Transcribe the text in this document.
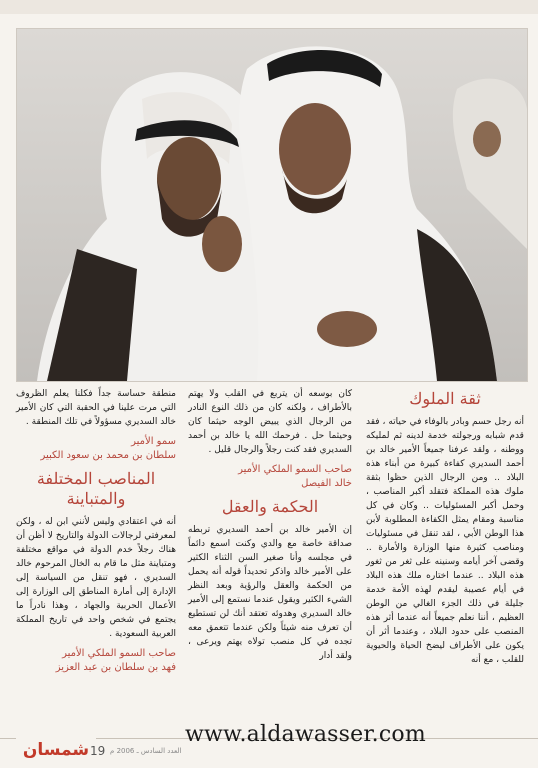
ثقة الملوك

أنه رجل حسم وبادر بالوفاء في حياته ، فقد قدم شبابه ورجولته خدمة لدينه ثم لمليكه ووطنه ، ولقد عرفنا جميعاً الأمير خالد بن أحمد السديري كفاءة كبيرة من أبناء هذه البلاد .. ومن الرجال الذين حظوا بثقة ملوك هذه المملكة فتقلد أكبر المناصب ، وحمل أكبر المسئوليات .. وكان في كل مناسبة ومقام يمثل الكفاءة المطلوبة لأبن هذا الوطن الأبي ، لقد تنقل في مسئوليات ومناصب كثيرة منها الوزارة والأمارة .. وقضى آخر أيامه وسنينه على ثغر من ثغور هذه البلاد .. عندما اختاره ملك هذه البلاد في أيام عصيبة ليقدم لهذه الأمة خدمة جليلة في ذلك الجزء الغالي من الوطن العظيم ، أننا نعلم جميعاً أنه عندما أثر هذه المنصب على حدود البلاد ، وعندما أثر أن يكون على الأطراف ليضخ الحياة والحيوية للقلب ، مع أنه

كان بوسعه أن يتربع في القلب ولا يهتم بالأطراف ، ولكنه كان من ذلك النوع النادر من الرجال الذي يبيض الوجه حيثما كان وحيثما حل . فرحمك الله يا خالد بن أحمد السديري فقد كنت رجلاً والرجال قليل .

صاحب السمو الملكي الأمير
خالد الفيصل
الحكمة والعقل

إن الأمير خالد بن أحمد السديري تربطه صداقة خاصة مع والدي وكنت اسمع دائماً في مجلسه وأنا صغير السن الثناء الكثير على الأمير خالد واذكر تحديداً قوله أنه يحمل من الحكمة والعقل والرؤية وبعد النظر الشيء الكثير ويقول عندما نستمع إلى الأمير خالد السديري وهدوئه تعتقد أنك لن تستطيع أن تعرف منه شيئاً ولكن عندما تتعمق معه تجده في كل منصب تولاه يهتم ويرعى ، ولقد أدار

منطقة حساسة جداً فكلنا يعلم الظروف التي مرت علينا في الحقبة التي كان الأمير خالد السديري مسؤولاً في تلك المنطقة .

سمو الأمير
سلطان بن محمد بن سعود الكبير
المناصب المختلفة والمتباينة

أنه في اعتقادي وليس لأنني ابن له ، ولكن لمعرفتي لرجالات الدولة والتاريخ لا أظن أن هناك رجلاً خدم الدولة في مواقع مختلفة ومتباينة مثل ما قام به الخال المرحوم خالد السديري ، فهو تنقل من السياسة إلى الإدارة إلى أمارة المناطق إلى الوزارة إلى الأعمال الحربية والجهاد ، وهذا نادراً ما يجتمع في شخص واحد في تاريخ المملكة العربية السعودية .

صاحب السمو الملكي الأمير
فهد بن سلطان بن عبد العزيز
شمسان 19 العدد السادس ـ 2006 م
www.aldawasser.com
